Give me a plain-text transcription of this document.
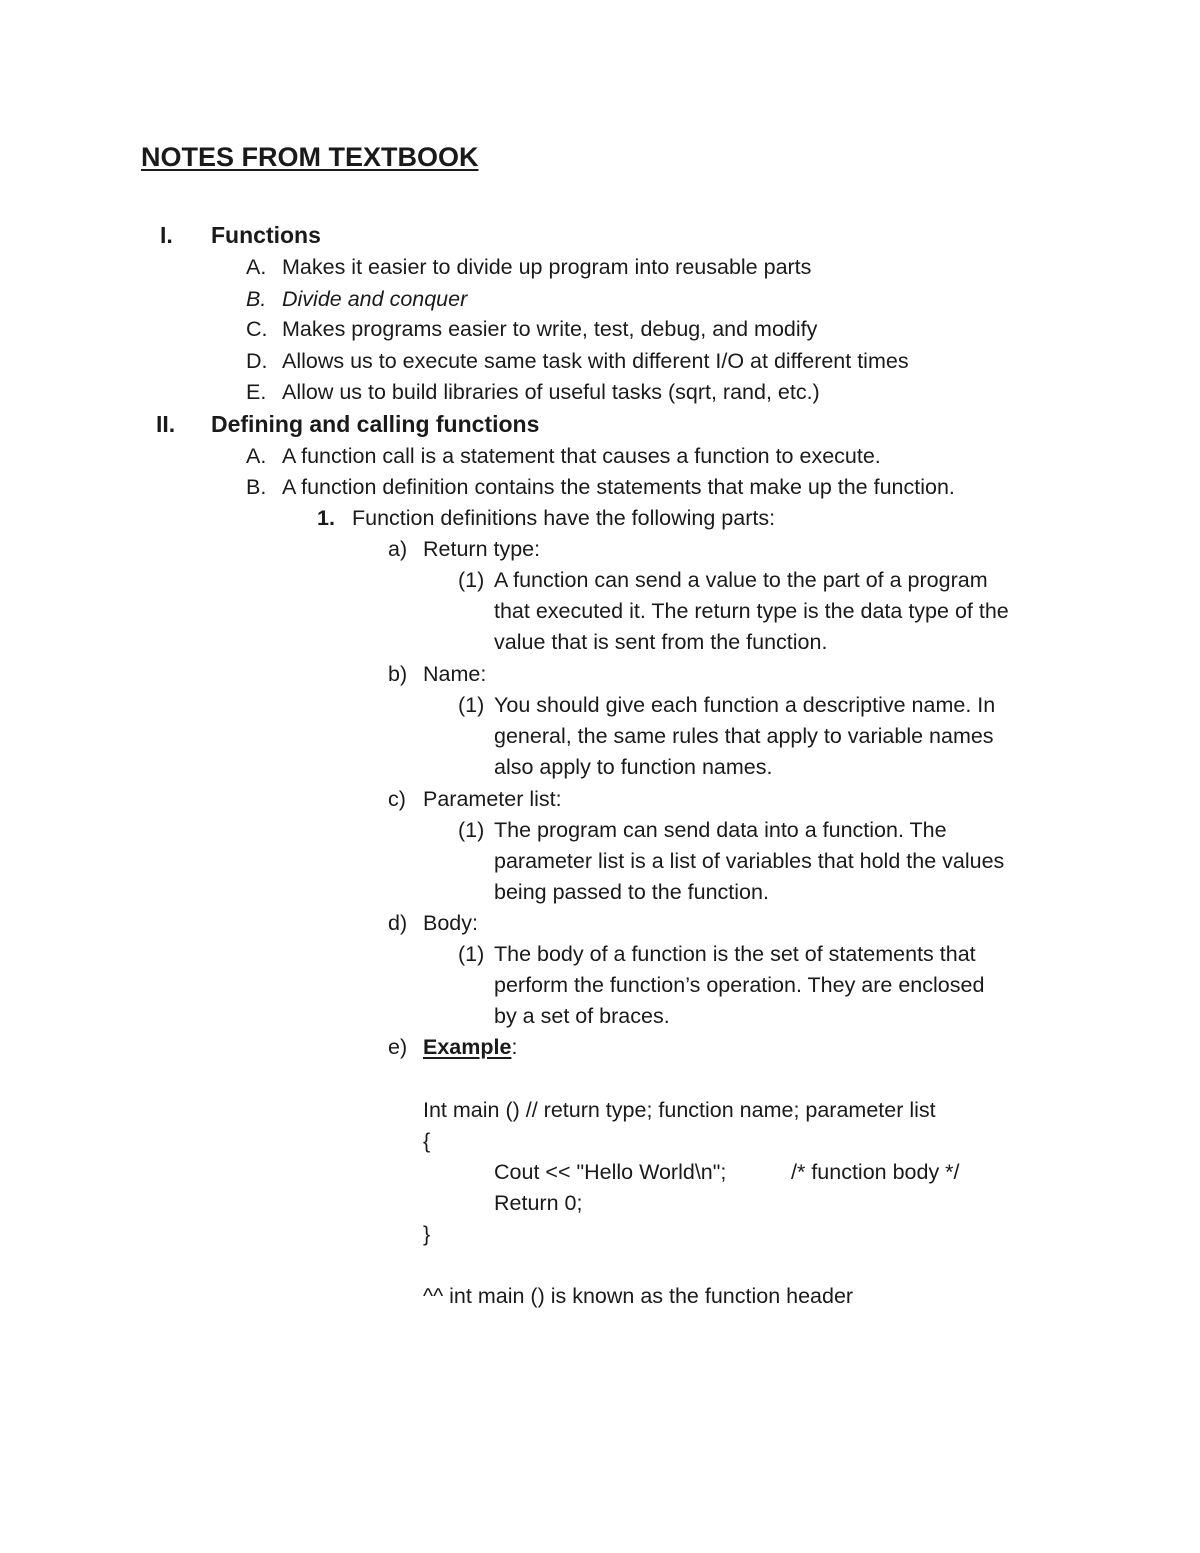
NOTES FROM TEXTBOOK
I. Functions
A. Makes it easier to divide up program into reusable parts
B. Divide and conquer
C. Makes programs easier to write, test, debug, and modify
D. Allows us to execute same task with different I/O at different times
E. Allow us to build libraries of useful tasks (sqrt, rand, etc.)
II. Defining and calling functions
A. A function call is a statement that causes a function to execute.
B. A function definition contains the statements that make up the function.
1. Function definitions have the following parts:
a) Return type:
(1) A function can send a value to the part of a program
that executed it. The return type is the data type of the
value that is sent from the function.
b) Name:
(1) You should give each function a descriptive name. In
general, the same rules that apply to variable names
also apply to function names.
c) Parameter list:
(1) The program can send data into a function. The
parameter list is a list of variables that hold the values
being passed to the function.
d) Body:
(1) The body of a function is the set of statements that
perform the function’s operation. They are enclosed
by a set of braces.
e) Example:
Int main () // return type; function name; parameter list
{
Cout << "Hello World\n";	/* function body */
Return 0;
}
^^ int main () is known as the function header
